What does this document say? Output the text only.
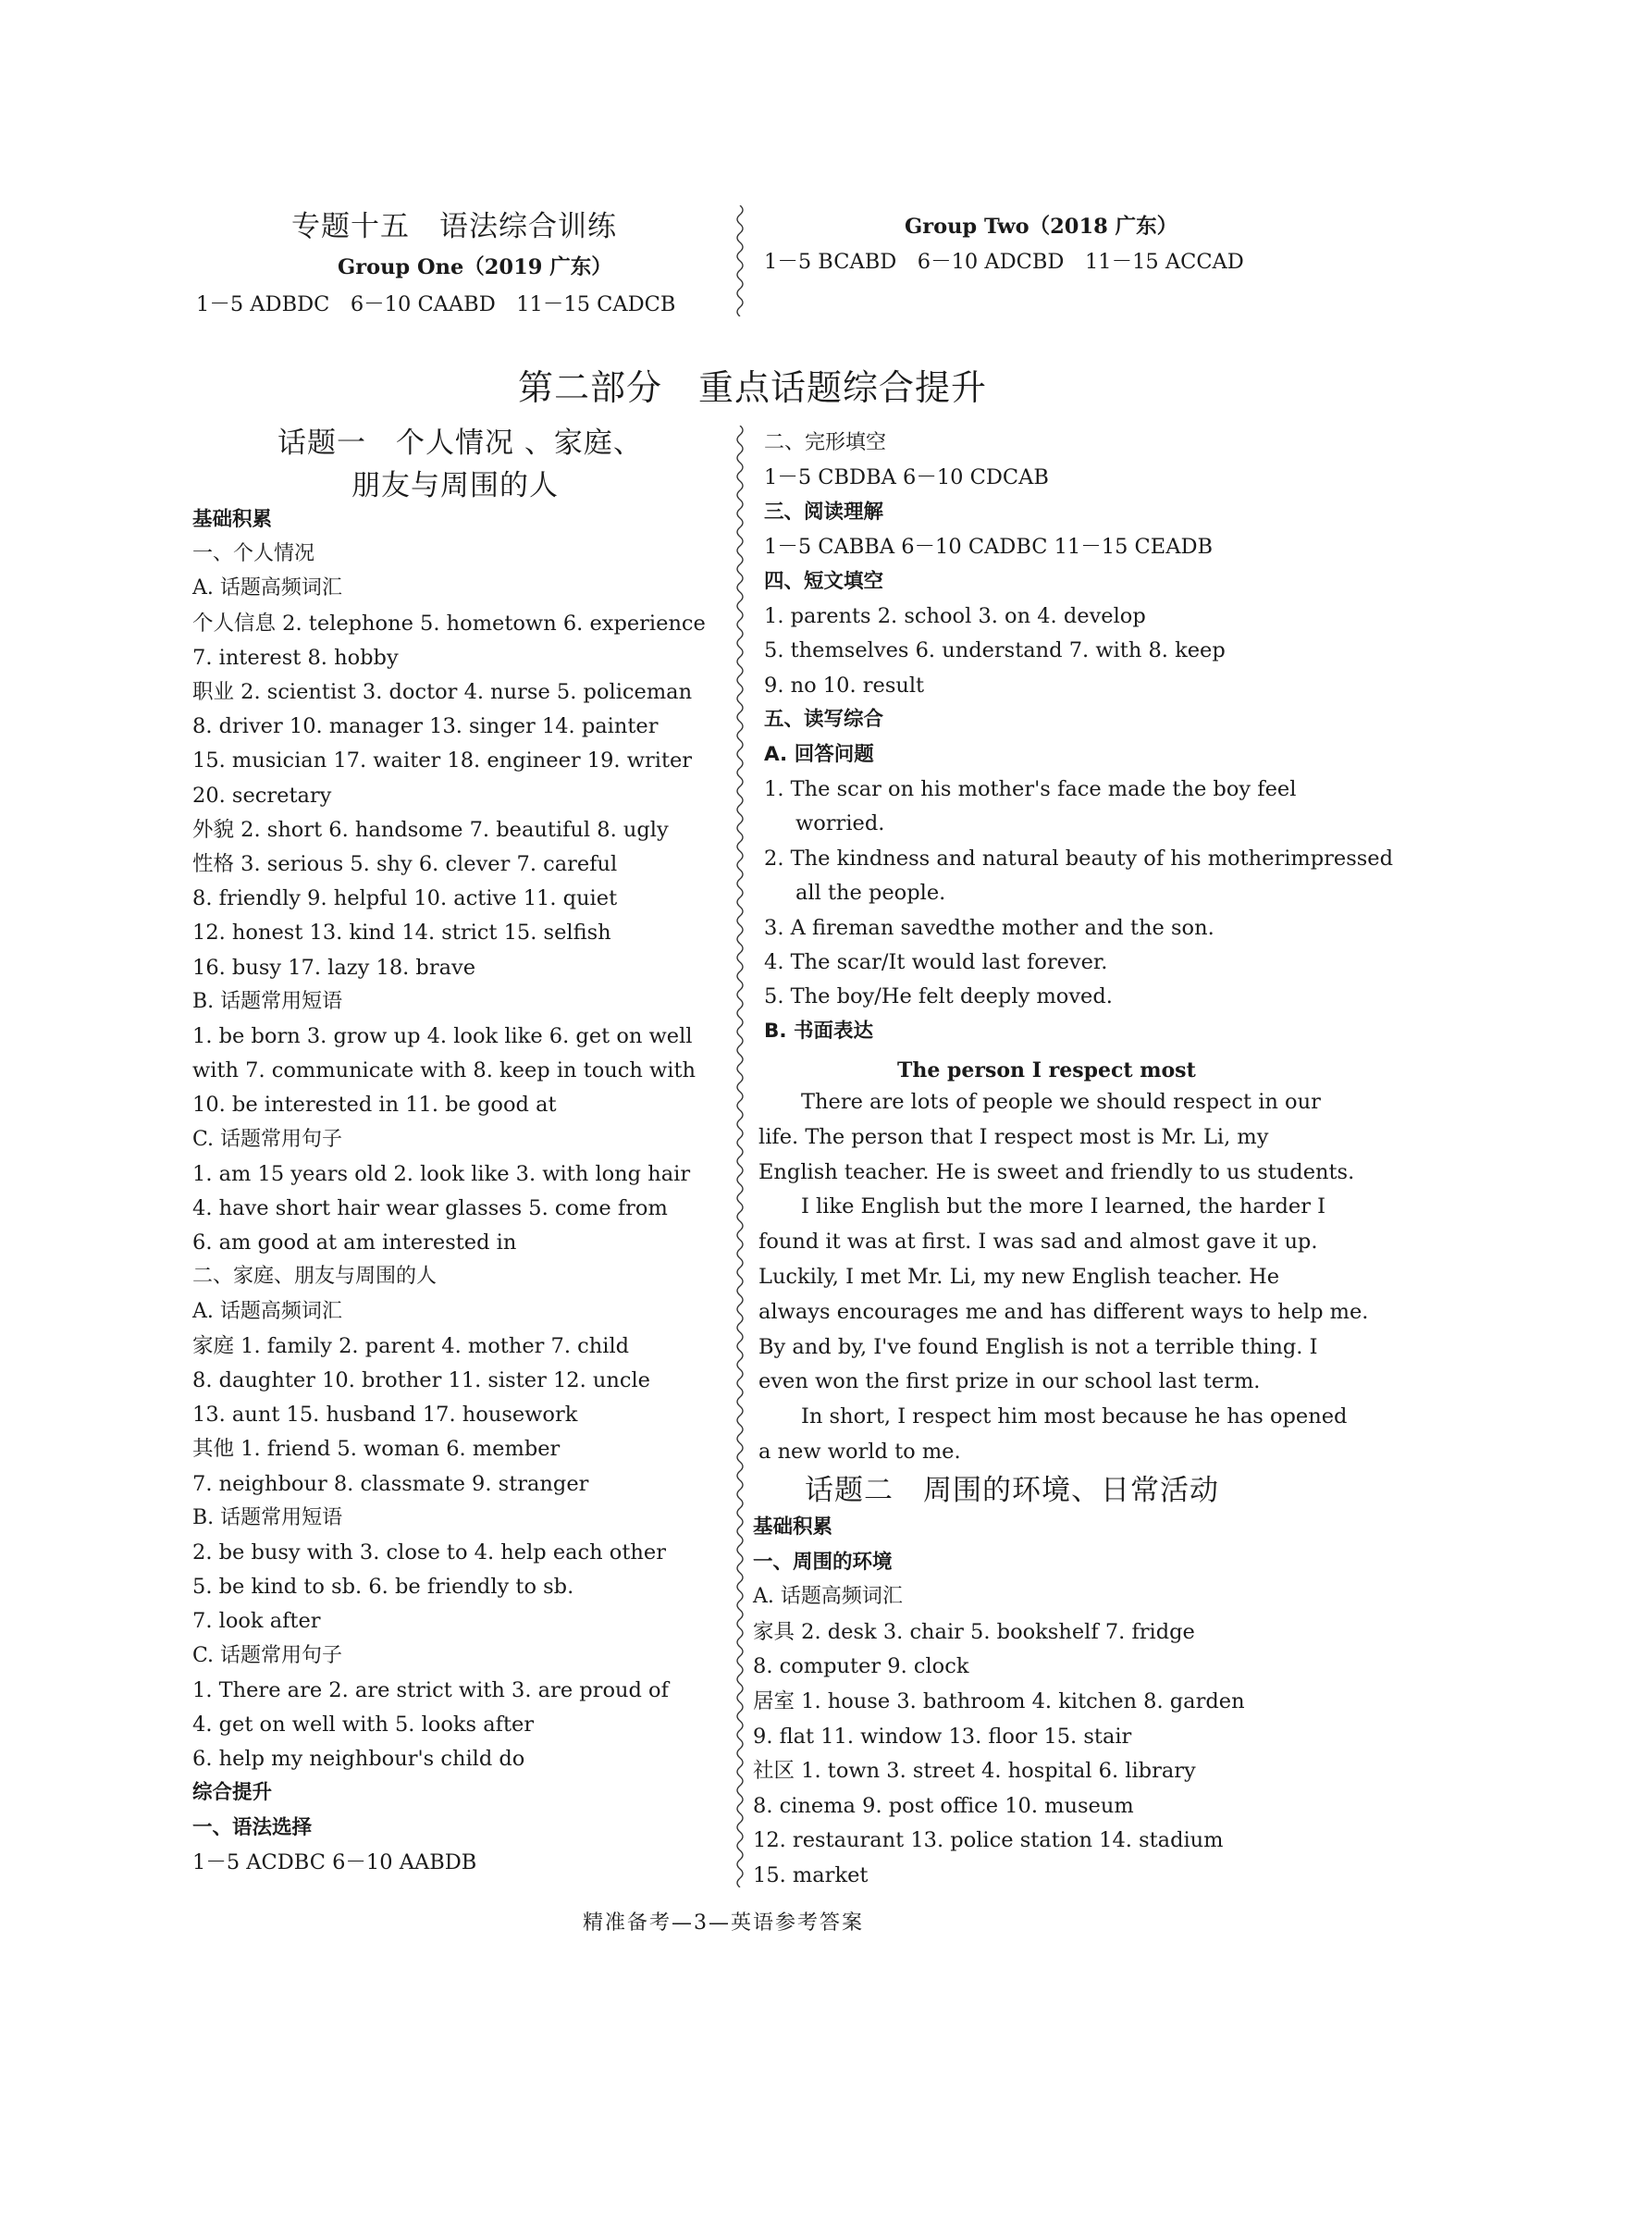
专题十五　语法综合训练
Group One（2019 广东）
1－5 ADBDC　6－10 CAABD　11－15 CADCB
Group Two（2018 广东）
1－5 BCABD　6－10 ADCBD　11－15 ACCAD
第二部分　重点话题综合提升
话题一　个人情况 、家庭、
朋友与周围的人
基础积累
一、个人情况
A. 话题高频词汇
个人信息 2. telephone 5. hometown 6. experience
7. interest 8. hobby
职业 2. scientist 3. doctor 4. nurse 5. policeman
8. driver 10. manager 13. singer 14. painter
15. musician 17. waiter 18. engineer 19. writer
20. secretary
外貌 2. short 6. handsome 7. beautiful 8. ugly
性格 3. serious 5. shy 6. clever 7. careful
8. friendly 9. helpful 10. active 11. quiet
12. honest 13. kind 14. strict 15. selfish
16. busy 17. lazy 18. brave
B. 话题常用短语
1. be born 3. grow up 4. look like 6. get on well
with 7. communicate with 8. keep in touch with
10. be interested in 11. be good at
C. 话题常用句子
1. am 15 years old 2. look like 3. with long hair
4. have short hair wear glasses 5. come from
6. am good at am interested in
二、家庭、朋友与周围的人
A. 话题高频词汇
家庭 1. family 2. parent 4. mother 7. child
8. daughter 10. brother 11. sister 12. uncle
13. aunt 15. husband 17. housework
其他 1. friend 5. woman 6. member
7. neighbour 8. classmate 9. stranger
B. 话题常用短语
2. be busy with 3. close to 4. help each other
5. be kind to sb. 6. be friendly to sb.
7. look after
C. 话题常用句子
1. There are 2. are strict with 3. are proud of
4. get on well with 5. looks after
6. help my neighbour's child do
综合提升
一、语法选择
1－5 ACDBC 6－10 AABDB
二、完形填空
1－5 CBDBA 6－10 CDCAB
三、阅读理解
1－5 CABBA 6－10 CADBC 11－15 CEADB
四、短文填空
1. parents 2. school 3. on 4. develop
5. themselves 6. understand 7. with 8. keep
9. no 10. result
五、读写综合
A. 回答问题
1. The scar on his mother's face made the boy feel
worried.
2. The kindness and natural beauty of his motherimpressed
all the people.
3. A fireman savedthe mother and the son.
4. The scar/It would last forever.
5. The boy/He felt deeply moved.
B. 书面表达
The person I respect most
There are lots of people we should respect in our
life. The person that I respect most is Mr. Li, my
English teacher. He is sweet and friendly to us students.
I like English but the more I learned, the harder I
found it was at first. I was sad and almost gave it up.
Luckily, I met Mr. Li, my new English teacher. He
always encourages me and has different ways to help me.
By and by, I've found English is not a terrible thing. I
even won the first prize in our school last term.
In short, I respect him most because he has opened
a new world to me.
话题二　周围的环境、日常活动
基础积累
一、周围的环境
A. 话题高频词汇
家具 2. desk 3. chair 5. bookshelf 7. fridge
8. computer 9. clock
居室 1. house 3. bathroom 4. kitchen 8. garden
9. flat 11. window 13. floor 15. stair
社区 1. town 3. street 4. hospital 6. library
8. cinema 9. post office 10. museum
12. restaurant 13. police station 14. stadium
15. market
精准备考—3—英语参考答案
